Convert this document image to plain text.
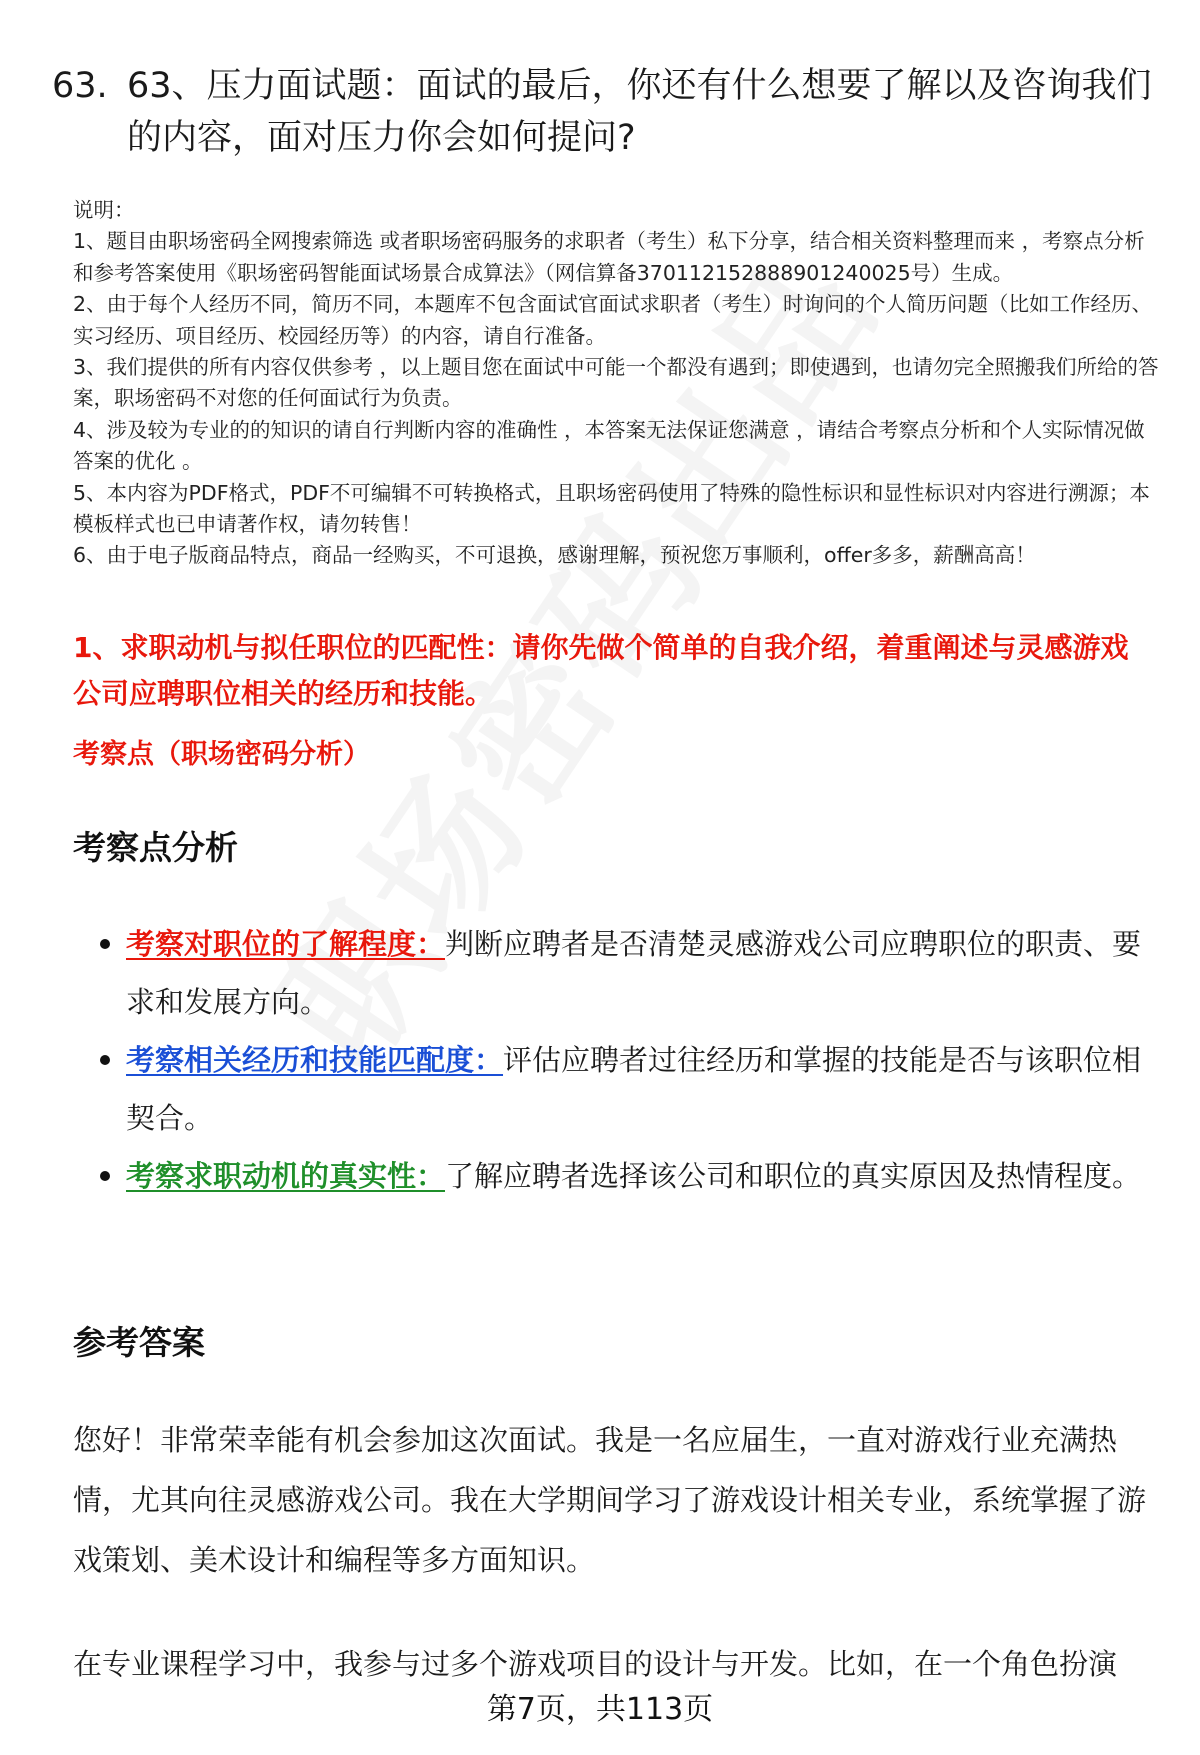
63. 63、压力面试题：面试的最后，你还有什么想要了解以及咨询我们的内容，面对压力你会如何提问?

说明：

1、题目由职场密码全网搜索筛选 或者职场密码服务的求职者（考生）私下分享，结合相关资料整理而来 ，考察点分析和参考答案使用《职场密码智能面试场景合成算法》（网信算备370112152888901240025号）生成。

2、由于每个人经历不同，简历不同，本题库不包含面试官面试求职者（考生）时询问的个人简历问题（比如工作经历、实习经历、项目经历、校园经历等）的内容，请自行准备。

3、我们提供的所有内容仅供参考 ，以上题目您在面试中可能一个都没有遇到；即使遇到，也请勿完全照搬我们所给的答案，职场密码不对您的任何面试行为负责。

4、涉及较为专业的的知识的请自行判断内容的准确性 ，本答案无法保证您满意 ，请结合考察点分析和个人实际情况做答案的优化 。

5、本内容为PDF格式，PDF不可编辑不可转换格式，且职场密码使用了特殊的隐性标识和显性标识对内容进行溯源；本模板样式也已申请著作权，请勿转售！

6、由于电子版商品特点，商品一经购买，不可退换，感谢理解，预祝您万事顺利，offer多多，薪酬高高！

1、求职动机与拟任职位的匹配性：请你先做个简单的自我介绍，着重阐述与灵感游戏公司应聘职位相关的经历和技能。
考察点（职场密码分析）
考察点分析
考察对职位的了解程度：判断应聘者是否清楚灵感游戏公司应聘职位的职责、要求和发展方向。
考察相关经历和技能匹配度：评估应聘者过往经历和掌握的技能是否与该职位相契合。
考察求职动机的真实性：了解应聘者选择该公司和职位的真实原因及热情程度。
参考答案

您好！非常荣幸能有机会参加这次面试。我是一名应届生，一直对游戏行业充满热情，尤其向往灵感游戏公司。我在大学期间学习了游戏设计相关专业，系统掌握了游戏策划、美术设计和编程等多方面知识。

在专业课程学习中，我参与过多个游戏项目的设计与开发。比如，在一个角色扮演

第7页，共113页
